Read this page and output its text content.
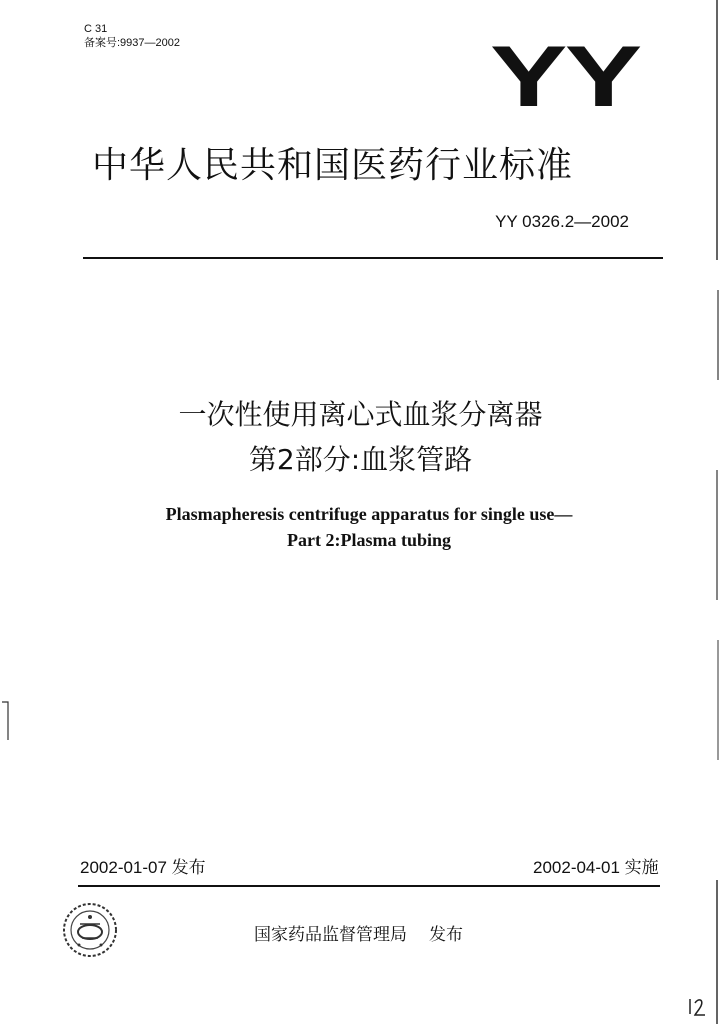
C 31
备案号:9937—2002	YY
中华人民共和国医药行业标准
YY 0326.2—2002
一次性使用离心式血浆分离器
第2部分:血浆管路
Plasmapheresis centrifuge apparatus for single use—
Part 2:Plasma tubing
2002-01-07 发布	2002-04-01 实施
国家药品监督管理局 发布
